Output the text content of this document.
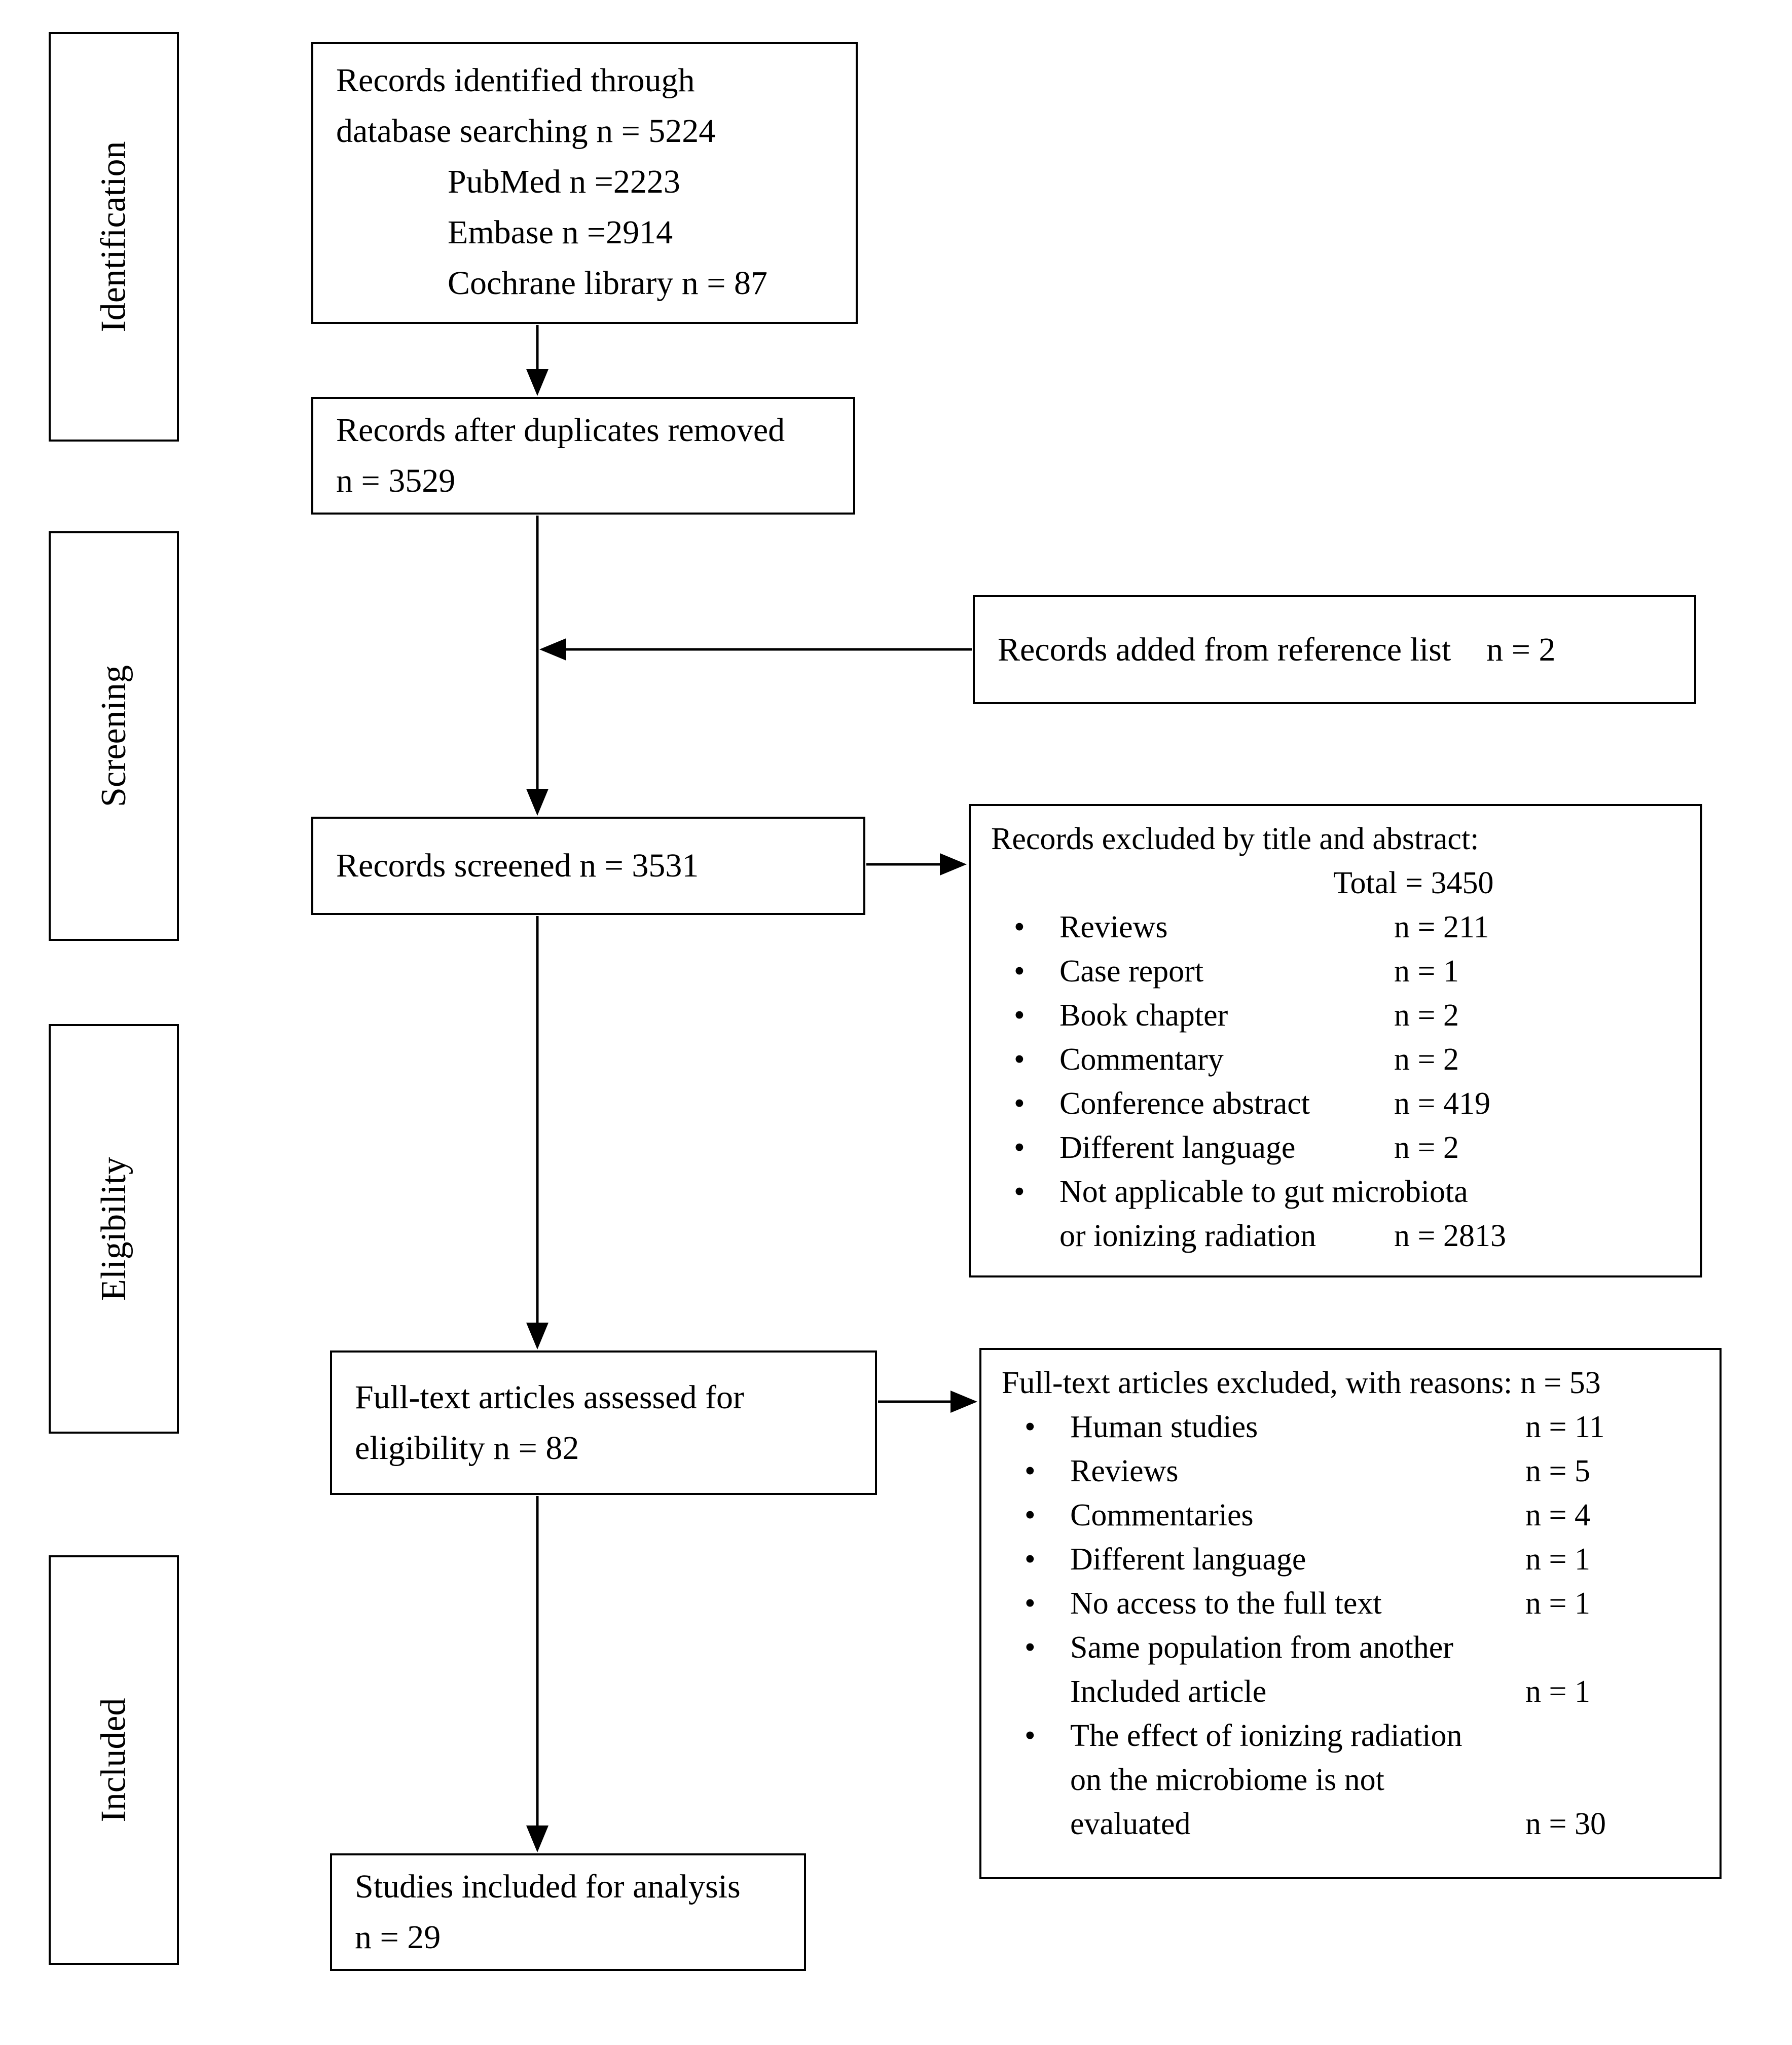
Identification
Screening
Eligibility
Included
Records identified through
database searching n = 5224
PubMed n =2223
Embase n =2914
Cochrane library n = 87
Records after duplicates removed
n = 3529
Records added from reference list n = 2
Records screened n = 3531
Records excluded by title and abstract:
Total = 3450
•	Reviews	n = 211
•	Case report	n = 1
•	Book chapter	n = 2
•	Commentary	n = 2
•	Conference abstract	n = 419
•	Different language	n = 2
•	Not applicable to gut microbiota
or ionizing radiation n = 2813
Full-text articles assessed for
eligibility n = 82
Full-text articles excluded, with reasons: n = 53
•	Human studies	n = 11
•	Reviews	n = 5
•	Commentaries	n = 4
•	Different language	n = 1
•	No access to the full text	n = 1
•	Same population from another
Included article	n = 1
•	The effect of ionizing radiation
on the microbiome is not
evaluated	n = 30
Studies included for analysis
n = 29
